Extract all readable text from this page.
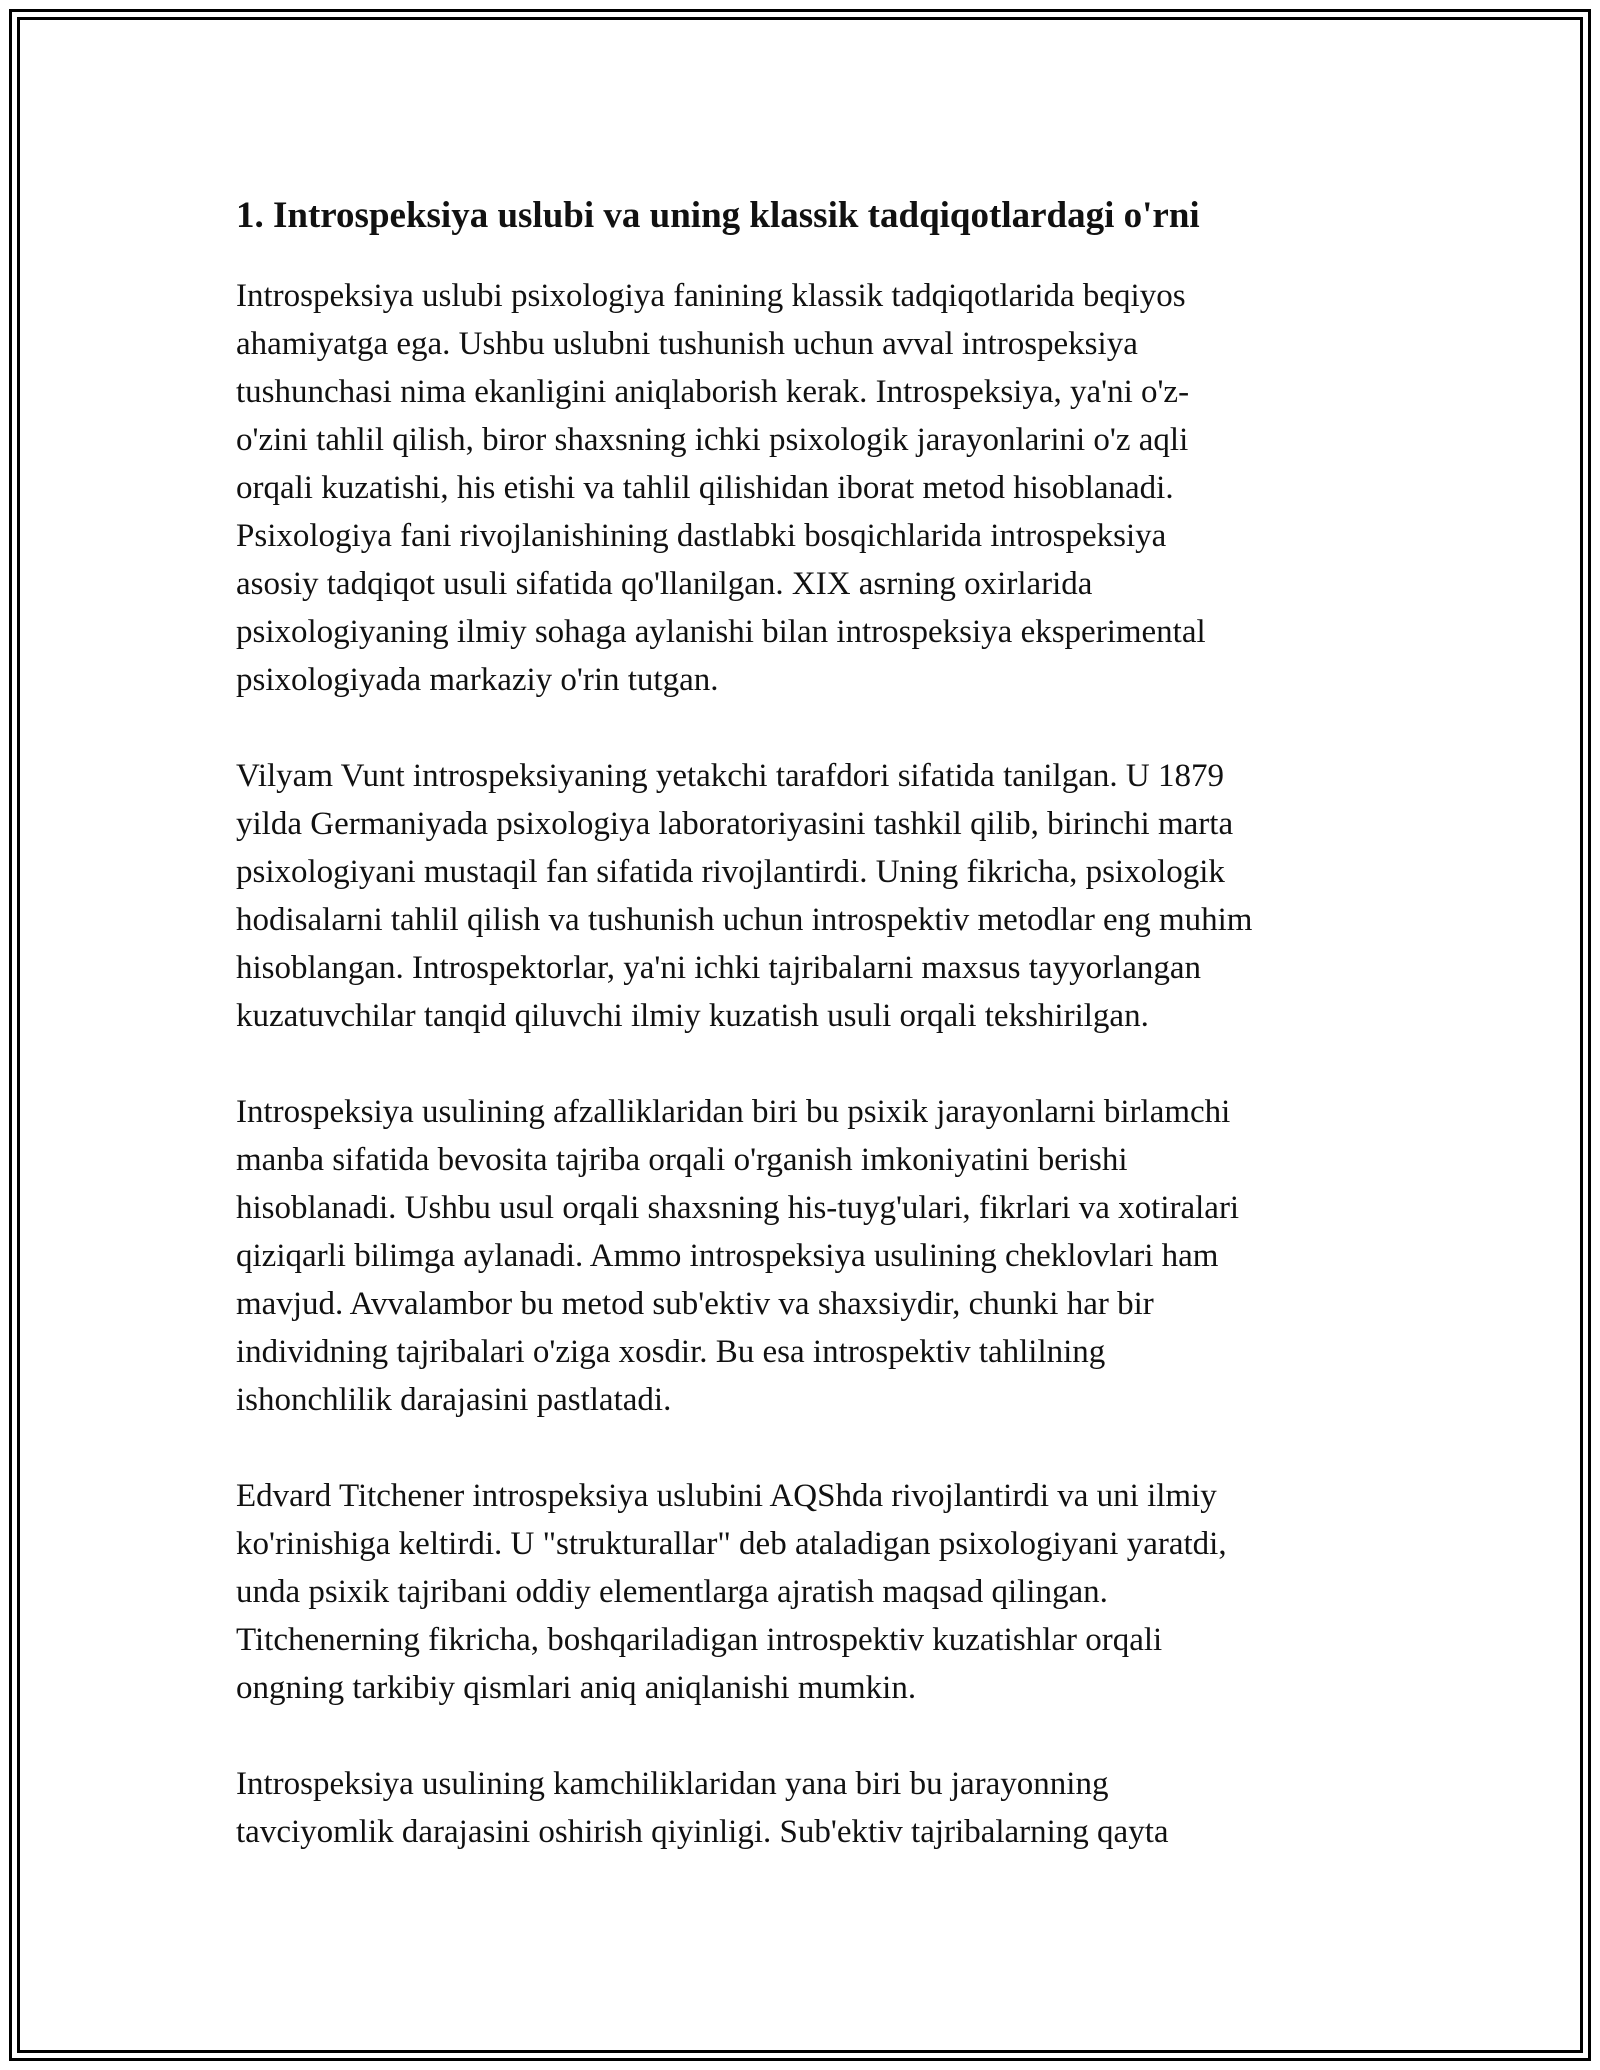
1. Introspeksiya uslubi va uning klassik tadqiqotlardagi o'rni

Introspeksiya uslubi psixologiya fanining klassik tadqiqotlarida beqiyos
ahamiyatga ega. Ushbu uslubni tushunish uchun avval introspeksiya
tushunchasi nima ekanligini aniqlaborish kerak. Introspeksiya, ya'ni o'z-
o'zini tahlil qilish, biror shaxsning ichki psixologik jarayonlarini o'z aqli
orqali kuzatishi, his etishi va tahlil qilishidan iborat metod hisoblanadi.
Psixologiya fani rivojlanishining dastlabki bosqichlarida introspeksiya
asosiy tadqiqot usuli sifatida qo'llanilgan. XIX asrning oxirlarida
psixologiyaning ilmiy sohaga aylanishi bilan introspeksiya eksperimental
psixologiyada markaziy o'rin tutgan.

Vilyam Vunt introspeksiyaning yetakchi tarafdori sifatida tanilgan. U 1879
yilda Germaniyada psixologiya laboratoriyasini tashkil qilib, birinchi marta
psixologiyani mustaqil fan sifatida rivojlantirdi. Uning fikricha, psixologik
hodisalarni tahlil qilish va tushunish uchun introspektiv metodlar eng muhim
hisoblangan. Introspektorlar, ya'ni ichki tajribalarni maxsus tayyorlangan
kuzatuvchilar tanqid qiluvchi ilmiy kuzatish usuli orqali tekshirilgan.

Introspeksiya usulining afzalliklaridan biri bu psixik jarayonlarni birlamchi
manba sifatida bevosita tajriba orqali o'rganish imkoniyatini berishi
hisoblanadi. Ushbu usul orqali shaxsning his-tuyg'ulari, fikrlari va xotiralari
qiziqarli bilimga aylanadi. Ammo introspeksiya usulining cheklovlari ham
mavjud. Avvalambor bu metod sub'ektiv va shaxsiydir, chunki har bir
individning tajribalari o'ziga xosdir. Bu esa introspektiv tahlilning
ishonchlilik darajasini pastlatadi.

Edvard Titchener introspeksiya uslubini AQShda rivojlantirdi va uni ilmiy
ko'rinishiga keltirdi. U "strukturallar" deb ataladigan psixologiyani yaratdi,
unda psixik tajribani oddiy elementlarga ajratish maqsad qilingan.
Titchenerning fikricha, boshqariladigan introspektiv kuzatishlar orqali
ongning tarkibiy qismlari aniq aniqlanishi mumkin.

Introspeksiya usulining kamchiliklaridan yana biri bu jarayonning
tavciyomlik darajasini oshirish qiyinligi. Sub'ektiv tajribalarning qayta
